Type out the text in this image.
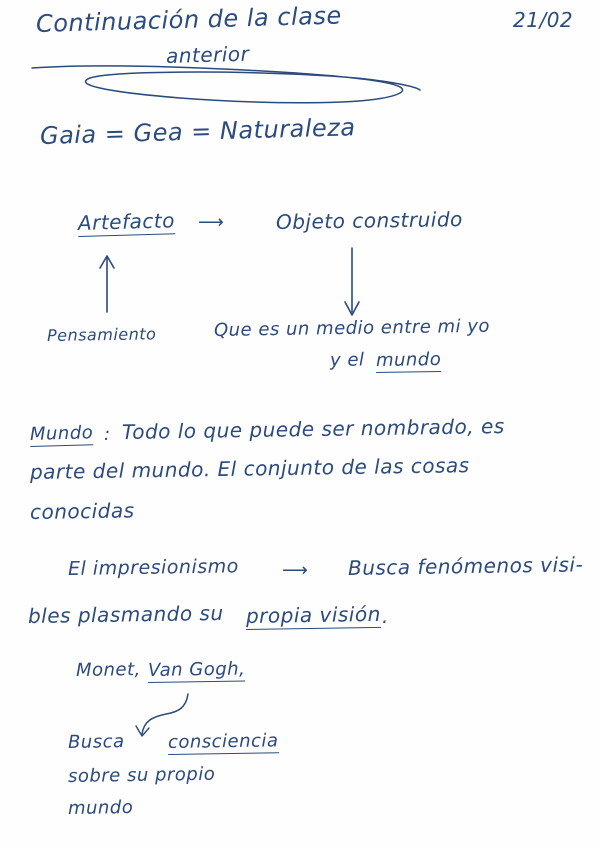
21/02
Continuación de la clase
anterior
Gaia = Gea = Naturaleza
Artefacto ⟶	Objeto construido
Pensamiento	Que es un medio entre mi yo
y el mundo
Mundo : Todo lo que puede ser nombrado, es
parte del mundo. El conjunto de las cosas
conocidas
El impresionismo ⟶ Busca fenómenos visi-
bles plasmando su propia visión .
Monet, Van Gogh,
Busca consciencia
sobre su propio
mundo
